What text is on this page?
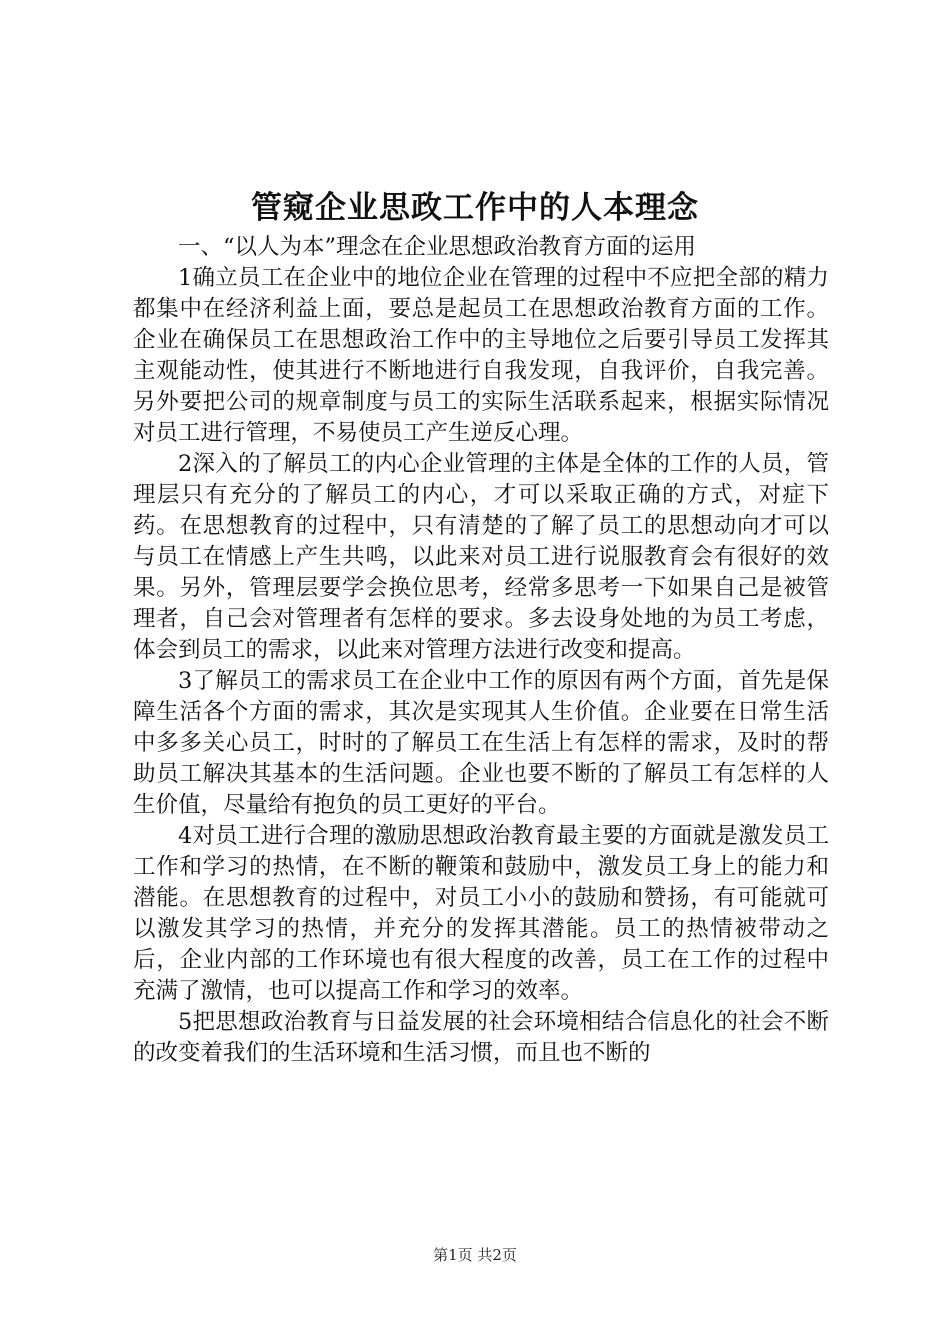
管窥企业思政工作中的人本理念

一、“以人为本”理念在企业思想政治教育方面的运用

1确立员工在企业中的地位企业在管理的过程中不应把全部的精力都集中在经济利益上面，要总是起员工在思想政治教育方面的工作。企业在确保员工在思想政治工作中的主导地位之后要引导员工发挥其主观能动性，使其进行不断地进行自我发现，自我评价，自我完善。另外要把公司的规章制度与员工的实际生活联系起来，根据实际情况对员工进行管理，不易使员工产生逆反心理。

2深入的了解员工的内心企业管理的主体是全体的工作的人员，管理层只有充分的了解员工的内心，才可以采取正确的方式，对症下药。在思想教育的过程中，只有清楚的了解了员工的思想动向才可以与员工在情感上产生共鸣，以此来对员工进行说服教育会有很好的效果。另外，管理层要学会换位思考，经常多思考一下如果自己是被管理者，自己会对管理者有怎样的要求。多去设身处地的为员工考虑，体会到员工的需求，以此来对管理方法进行改变和提高。

3了解员工的需求员工在企业中工作的原因有两个方面，首先是保障生活各个方面的需求，其次是实现其人生价值。企业要在日常生活中多多关心员工，时时的了解员工在生活上有怎样的需求，及时的帮助员工解决其基本的生活问题。企业也要不断的了解员工有怎样的人生价值，尽量给有抱负的员工更好的平台。

4对员工进行合理的激励思想政治教育最主要的方面就是激发员工工作和学习的热情，在不断的鞭策和鼓励中，激发员工身上的能力和潜能。在思想教育的过程中，对员工小小的鼓励和赞扬，有可能就可以激发其学习的热情，并充分的发挥其潜能。员工的热情被带动之后，企业内部的工作环境也有很大程度的改善，员工在工作的过程中充满了激情，也可以提高工作和学习的效率。

5把思想政治教育与日益发展的社会环境相结合信息化的社会不断的改变着我们的生活环境和生活习惯，而且也不断的

第1页 共2页
